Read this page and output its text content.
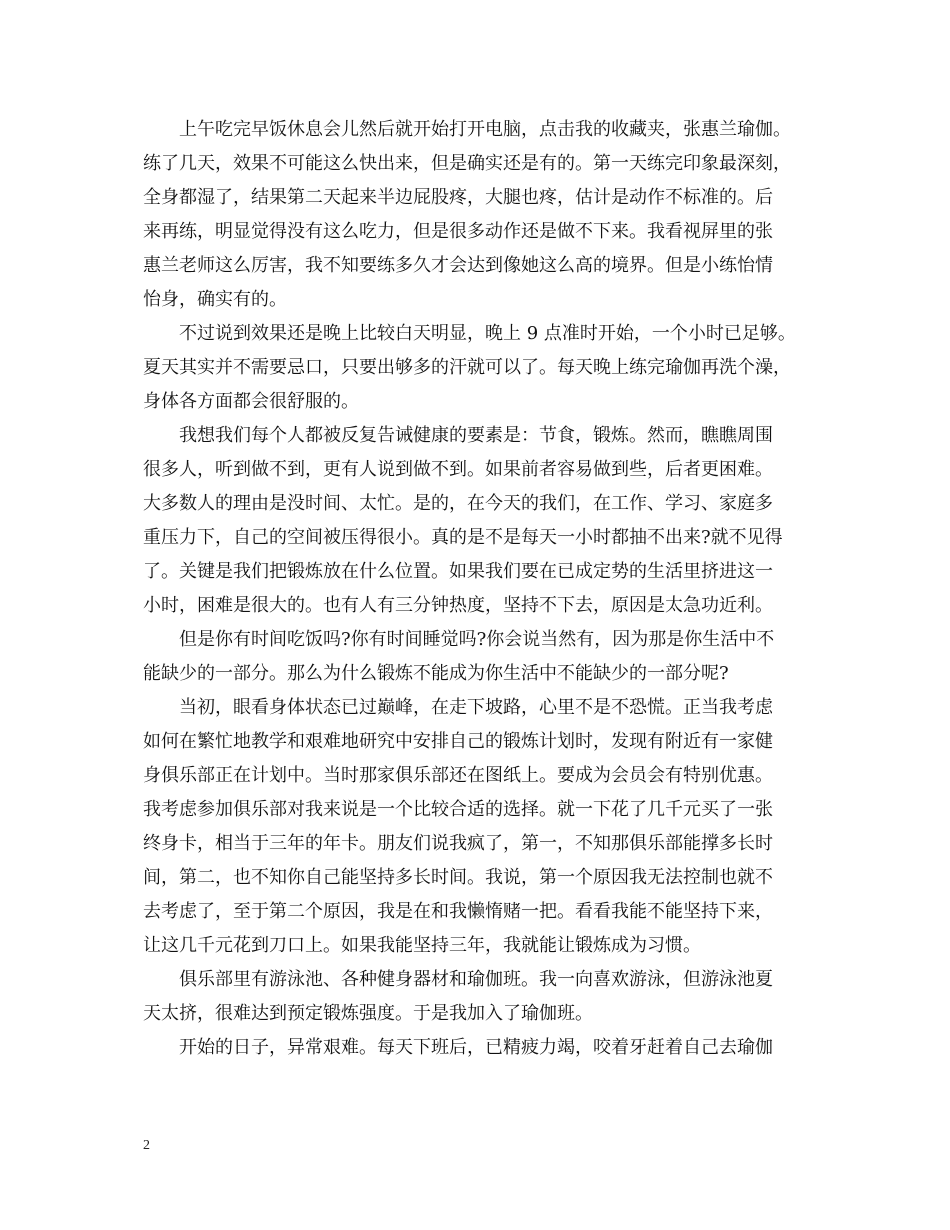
上午吃完早饭休息会儿然后就开始打开电脑，点击我的收藏夹，张惠兰瑜伽。
练了几天，效果不可能这么快出来，但是确实还是有的。第一天练完印象最深刻，
全身都湿了，结果第二天起来半边屁股疼，大腿也疼，估计是动作不标准的。后
来再练，明显觉得没有这么吃力，但是很多动作还是做不下来。我看视屏里的张
惠兰老师这么厉害，我不知要练多久才会达到像她这么高的境界。但是小练怡情
怡身，确实有的。
不过说到效果还是晚上比较白天明显，晚上 9 点准时开始，一个小时已足够。
夏天其实并不需要忌口，只要出够多的汗就可以了。每天晚上练完瑜伽再洗个澡，
身体各方面都会很舒服的。
我想我们每个人都被反复告诫健康的要素是：节食，锻炼。然而，瞧瞧周围
很多人，听到做不到，更有人说到做不到。如果前者容易做到些，后者更困难。
大多数人的理由是没时间、太忙。是的，在今天的我们，在工作、学习、家庭多
重压力下，自己的空间被压得很小。真的是不是每天一小时都抽不出来?就不见得
了。关键是我们把锻炼放在什么位置。如果我们要在已成定势的生活里挤进这一
小时，困难是很大的。也有人有三分钟热度，坚持不下去，原因是太急功近利。
但是你有时间吃饭吗?你有时间睡觉吗?你会说当然有，因为那是你生活中不
能缺少的一部分。那么为什么锻炼不能成为你生活中不能缺少的一部分呢?
当初，眼看身体状态已过巅峰，在走下坡路，心里不是不恐慌。正当我考虑
如何在繁忙地教学和艰难地研究中安排自己的锻炼计划时，发现有附近有一家健
身俱乐部正在计划中。当时那家俱乐部还在图纸上。要成为会员会有特别优惠。
我考虑参加俱乐部对我来说是一个比较合适的选择。就一下花了几千元买了一张
终身卡，相当于三年的年卡。朋友们说我疯了，第一，不知那俱乐部能撑多长时
间，第二，也不知你自己能坚持多长时间。我说，第一个原因我无法控制也就不
去考虑了，至于第二个原因，我是在和我懒惰赌一把。看看我能不能坚持下来，
让这几千元花到刀口上。如果我能坚持三年，我就能让锻炼成为习惯。
俱乐部里有游泳池、各种健身器材和瑜伽班。我一向喜欢游泳，但游泳池夏
天太挤，很难达到预定锻炼强度。于是我加入了瑜伽班。
开始的日子，异常艰难。每天下班后，已精疲力竭，咬着牙赶着自己去瑜伽
2
